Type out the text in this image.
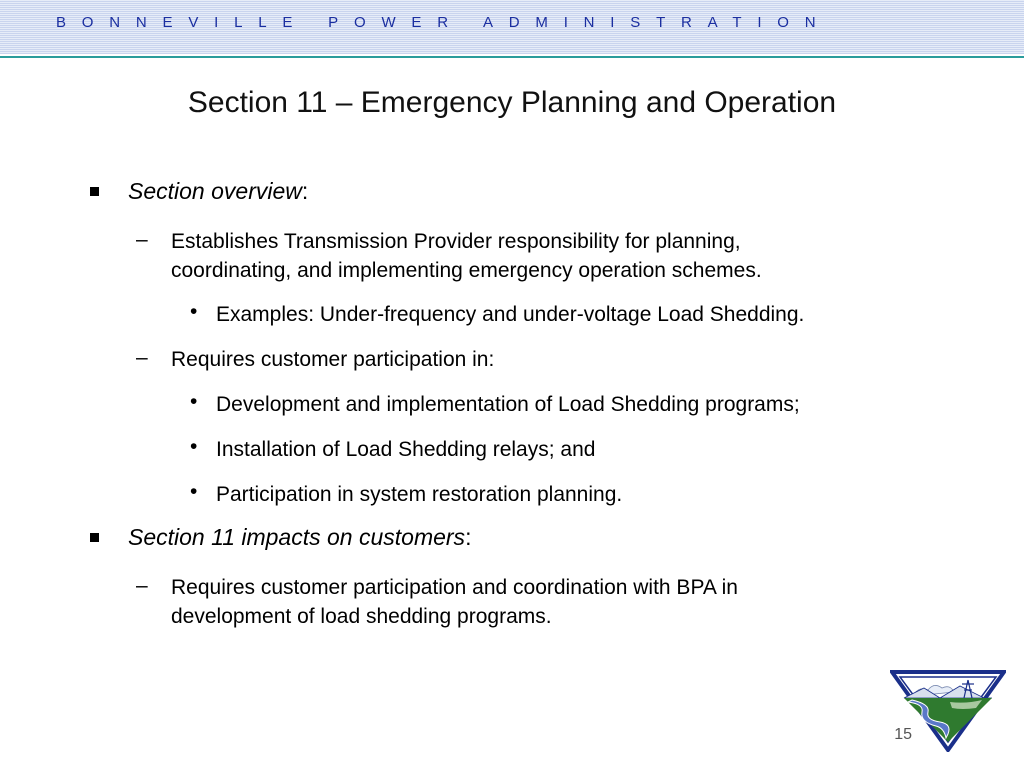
BONNEVILLE POWER ADMINISTRATION
Section 11 – Emergency Planning and Operation
Section overview:
– Establishes Transmission Provider responsibility for planning,
coordinating, and implementing emergency operation schemes.
• Examples: Under-frequency and under-voltage Load Shedding.
– Requires customer participation in:
• Development and implementation of Load Shedding programs;
• Installation of Load Shedding relays; and
• Participation in system restoration planning.
Section 11 impacts on customers:
– Requires customer participation and coordination with BPA in
development of load shedding programs.
15
